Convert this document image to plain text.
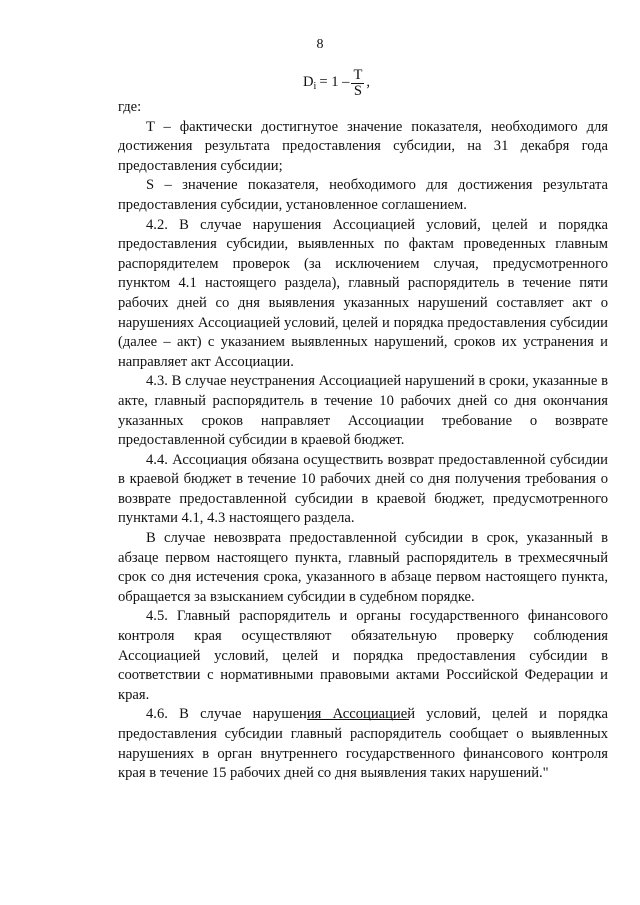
8
D $i = 1 - \frac{T}{S}$ ,

где:

T – фактически достигнутое значение показателя, необходимого для достижения результата предоставления субсидии, на 31 декабря года предоставления субсидии;

S – значение показателя, необходимого для достижения результата предоставления субсидии, установленное соглашением.

4.2. В случае нарушения Ассоциацией условий, целей и порядка предоставления субсидии, выявленных по фактам проведенных главным распорядителем проверок (за исключением случая, предусмотренного пунктом 4.1 настоящего раздела), главный распорядитель в течение пяти рабочих дней со дня выявления указанных нарушений составляет акт о нарушениях Ассоциацией условий, целей и порядка предоставления субсидии (далее – акт) с указанием выявленных нарушений, сроков их устранения и направляет акт Ассоциации.

4.3. В случае неустранения Ассоциацией нарушений в сроки, указанные в акте, главный распорядитель в течение 10 рабочих дней со дня окончания указанных сроков направляет Ассоциации требование о возврате предоставленной субсидии в краевой бюджет.

4.4. Ассоциация обязана осуществить возврат предоставленной субсидии в краевой бюджет в течение 10 рабочих дней со дня получения требования о возврате предоставленной субсидии в краевой бюджет, предусмотренного пунктами 4.1, 4.3 настоящего раздела.

В случае невозврата предоставленной субсидии в срок, указанный в абзаце первом настоящего пункта, главный распорядитель в трехмесячный срок со дня истечения срока, указанного в абзаце первом настоящего пункта, обращается за взысканием субсидии в судебном порядке.

4.5. Главный распорядитель и органы государственного финансового контроля края осуществляют обязательную проверку соблюдения Ассоциацией условий, целей и порядка предоставления субсидии в соответствии с нормативными правовыми актами Российской Федерации и края.

4.6. В случае нарушения Ассоциацией условий, целей и порядка предоставления субсидии главный распорядитель сообщает о выявленных нарушениях в орган внутреннего государственного финансового контроля края в течение 15 рабочих дней со дня выявления таких нарушений."
